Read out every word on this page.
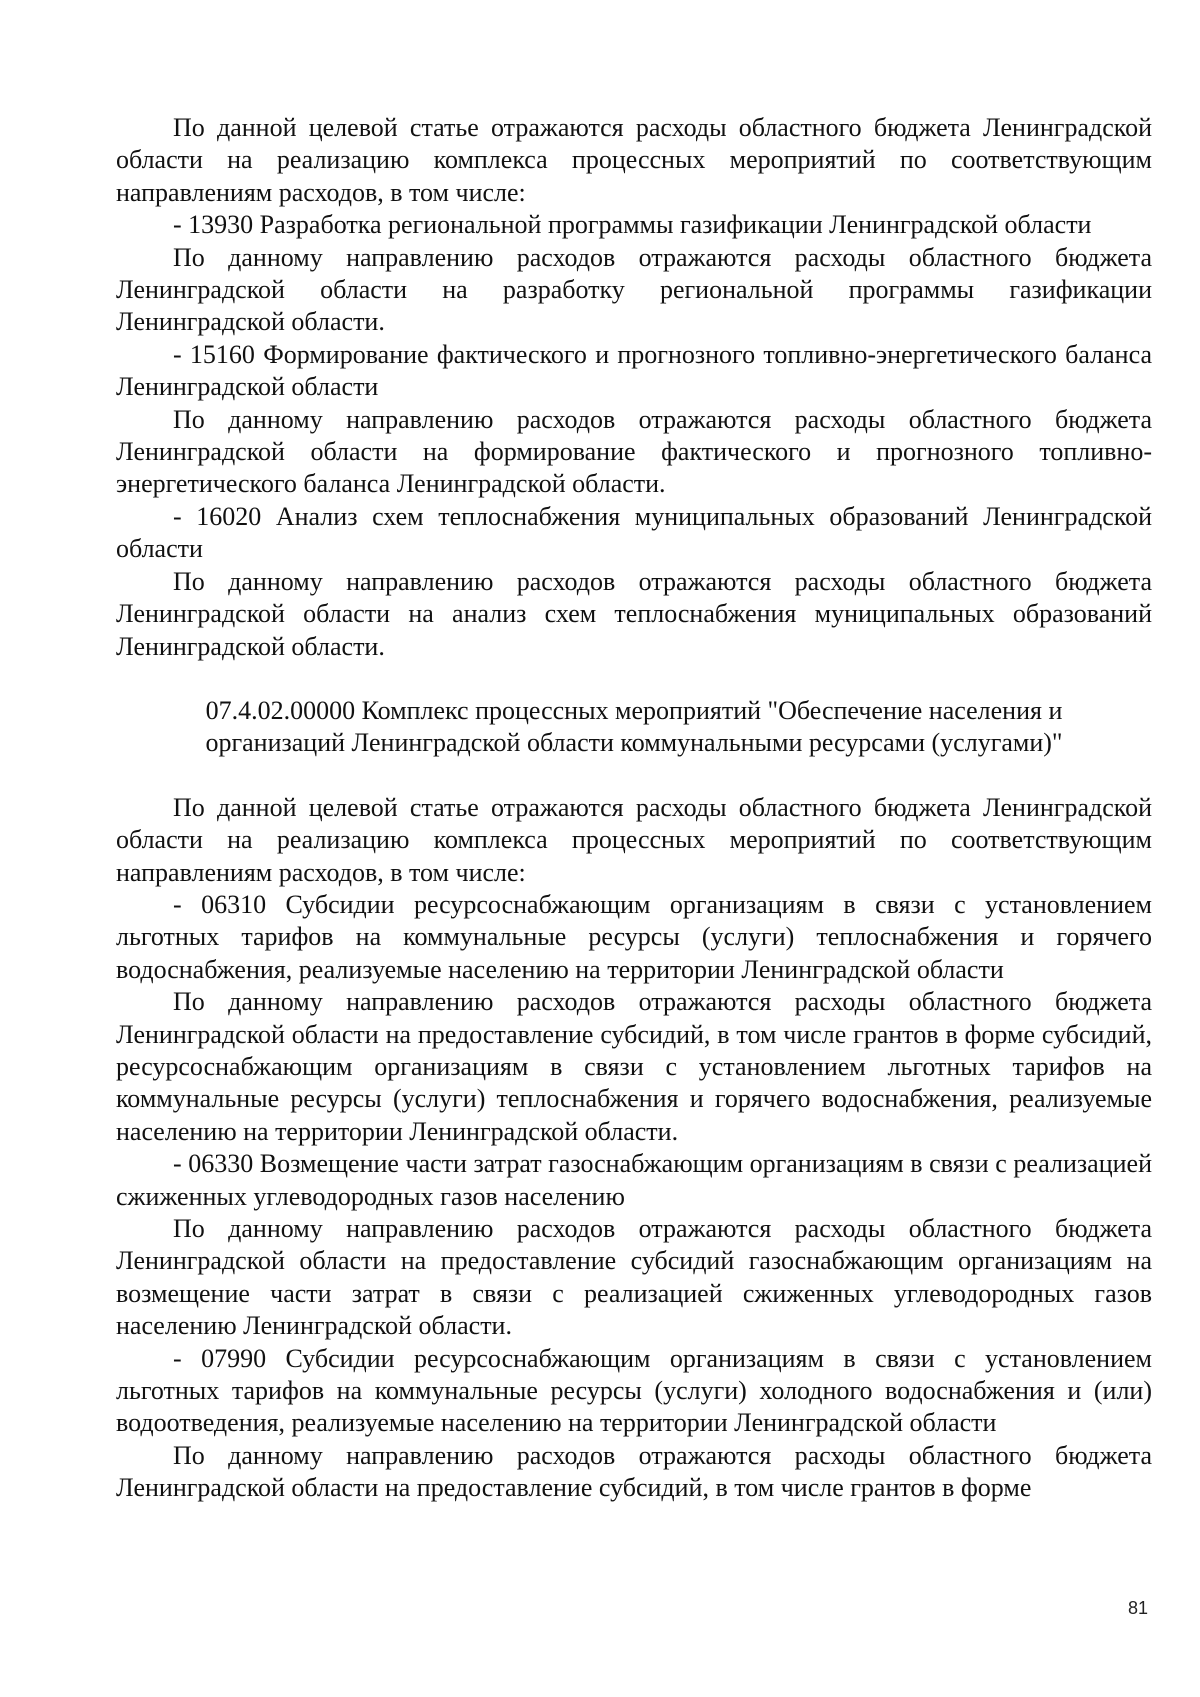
По данной целевой статье отражаются расходы областного бюджета Ленинградской области на реализацию комплекса процессных мероприятий по соответствующим направлениям расходов, в том числе:

- 13930 Разработка региональной программы газификации Ленинградской области

По данному направлению расходов отражаются расходы областного бюджета Ленинградской области на разработку региональной программы газификации Ленинградской области.

- 15160 Формирование фактического и прогнозного топливно-энергетического баланса Ленинградской области

По данному направлению расходов отражаются расходы областного бюджета Ленинградской области на формирование фактического и прогнозного топливно-энергетического баланса Ленинградской области.

- 16020 Анализ схем теплоснабжения муниципальных образований Ленинградской области

По данному направлению расходов отражаются расходы областного бюджета Ленинградской области на анализ схем теплоснабжения муниципальных образований Ленинградской области.

07.4.02.00000 Комплекс процессных мероприятий "Обеспечение населения и организаций Ленинградской области коммунальными ресурсами (услугами)"

По данной целевой статье отражаются расходы областного бюджета Ленинградской области на реализацию комплекса процессных мероприятий по соответствующим направлениям расходов, в том числе:

- 06310 Субсидии ресурсоснабжающим организациям в связи с установлением льготных тарифов на коммунальные ресурсы (услуги) теплоснабжения и горячего водоснабжения, реализуемые населению на территории Ленинградской области

По данному направлению расходов отражаются расходы областного бюджета Ленинградской области на предоставление субсидий, в том числе грантов в форме субсидий, ресурсоснабжающим организациям в связи с установлением льготных тарифов на коммунальные ресурсы (услуги) теплоснабжения и горячего водоснабжения, реализуемые населению на территории Ленинградской области.

- 06330 Возмещение части затрат газоснабжающим организациям в связи с реализацией сжиженных углеводородных газов населению

По данному направлению расходов отражаются расходы областного бюджета Ленинградской области на предоставление субсидий газоснабжающим организациям на возмещение части затрат в связи с реализацией сжиженных углеводородных газов населению Ленинградской области.

- 07990 Субсидии ресурсоснабжающим организациям в связи с установлением льготных тарифов на коммунальные ресурсы (услуги) холодного водоснабжения и (или) водоотведения, реализуемые населению на территории Ленинградской области

По данному направлению расходов отражаются расходы областного бюджета Ленинградской области на предоставление субсидий, в том числе грантов в форме

81
